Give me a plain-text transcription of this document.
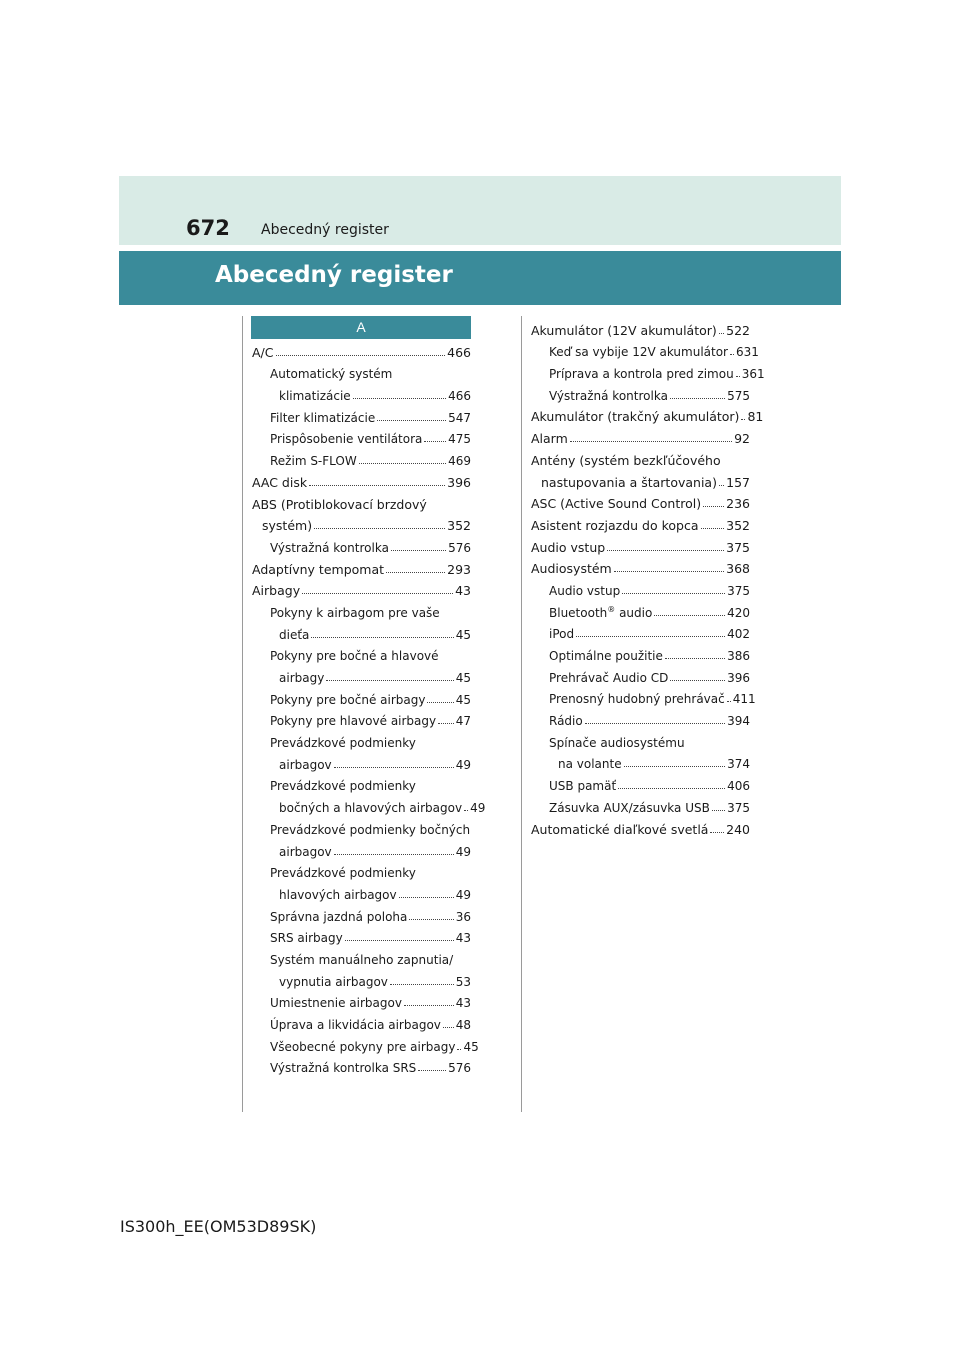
672 Abecedný register
Abecedný register
A
A/C	466
Automatický systém
klimatizácie	466
Filter klimatizácie	547
Prispôsobenie ventilátora 475
Režim S-FLOW	469
AAC disk	396
ABS (Protiblokovací brzdový
systém)	352
Výstražná kontrolka	576
Adaptívny tempomat	293
Airbagy	43
Pokyny k airbagom pre vaše
dieťa	45
Pokyny pre bočné a hlavové
airbagy	45
Pokyny pre bočné airbagy	45
Pokyny pre hlavové airbagy 47
Prevádzkové podmienky
airbagov	49
Prevádzkové podmienky
bočných a hlavových airbagov 49
Prevádzkové podmienky bočných
airbagov	49
Prevádzkové podmienky
hlavových airbagov	49
Správna jazdná poloha	36
SRS airbagy	43
Systém manuálneho zapnutia/
vypnutia airbagov	53
Umiestnenie airbagov	43
Úprava a likvidácia airbagov 48
Všeobecné pokyny pre airbagy 45
Výstražná kontrolka SRS	576
Akumulátor (12V akumulátor) 522
Keď sa vybije 12V akumulátor 631
Príprava a kontrola pred zimou 361
Výstražná kontrolka	575
Akumulátor (trakčný akumulátor) 81
Alarm	92
Antény (systém bezkľúčového
nastupovania a štartovania) 157
ASC (Active Sound Control) 236
Asistent rozjazdu do kopca 352
Audio vstup	375
Audiosystém	368
Audio vstup	375
Bluetooth® audio	420
iPod	402
Optimálne použitie	386
Prehrávač Audio CD	396
Prenosný hudobný prehrávač 411
Rádio	394
Spínače audiosystému
na volante	374
USB pamäť	406
Zásuvka AUX/zásuvka USB 375
Automatické diaľkové svetlá 240
IS300h_EE(OM53D89SK)
